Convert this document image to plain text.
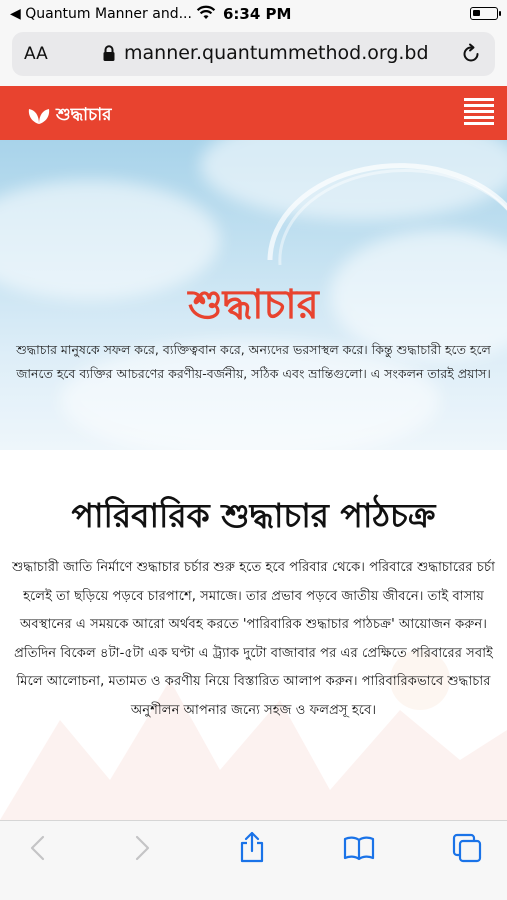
◀ Quantum Manner and... 6:34 PM
AA	manner.quantummethod.org.bd
শুদ্ধাচার
শুদ্ধাচার
শুদ্ধাচার মানুষকে সফল করে, ব্যক্তিত্ববান করে, অন্যদের ভরসাস্থল করে। কিন্তু শুদ্ধাচারী হতে হলে জানতে হবে ব্যক্তির আচরণের করণীয়-বর্জনীয়, সঠিক এবং ভ্রান্তিগুলো। এ সংকলন তারই প্রয়াস।
পারিবারিক শুদ্ধাচার পাঠচক্র
শুদ্ধাচারী জাতি নির্মাণে শুদ্ধাচার চর্চার শুরু হতে হবে পরিবার থেকে। পরিবারে শুদ্ধাচারের চর্চা হলেই তা ছড়িয়ে পড়বে চারপাশে, সমাজে। তার প্রভাব পড়বে জাতীয় জীবনে। তাই বাসায় অবস্থানের এ সময়কে আরো অর্থবহ করতে 'পারিবারিক শুদ্ধাচার পাঠচক্র' আয়োজন করুন। প্রতিদিন বিকেল ৪টা-৫টা এক ঘণ্টা এ ট্র্যাক দুটো বাজাবার পর এর প্রেক্ষিতে পরিবারের সবাই মিলে আলোচনা, মতামত ও করণীয় নিয়ে বিস্তারিত আলাপ করুন। পারিবারিকভাবে শুদ্ধাচার অনুশীলন আপনার জন্যে সহজ ও ফলপ্রসূ হবে।
